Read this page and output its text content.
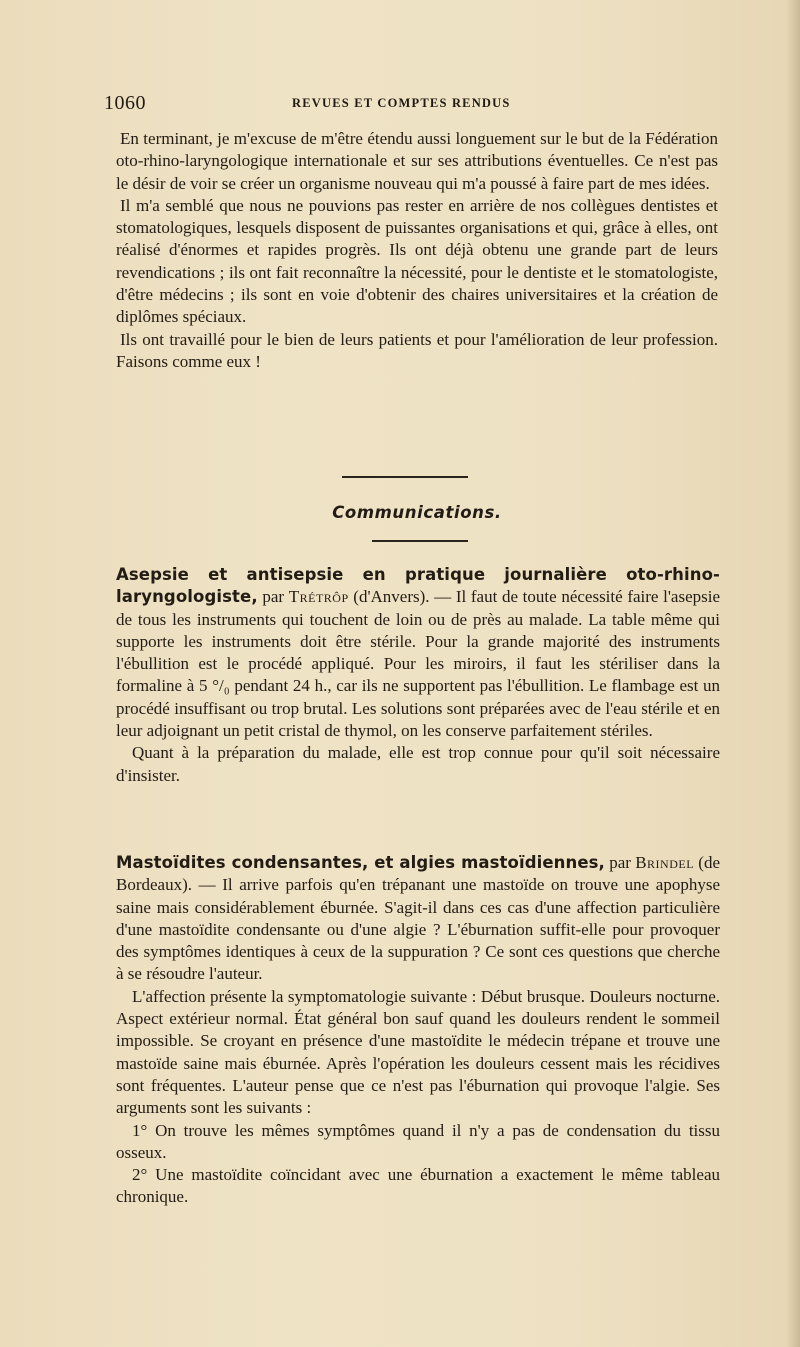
1060	REVUES ET COMPTES RENDUS

En terminant, je m'excuse de m'être étendu aussi longuement sur le but de la Fédération oto-rhino-laryngologique internationale et sur ses attributions éventuelles. Ce n'est pas le désir de voir se créer un organisme nouveau qui m'a poussé à faire part de mes idées.

Il m'a semblé que nous ne pouvions pas rester en arrière de nos collègues dentistes et stomatologiques, lesquels disposent de puissantes organisations et qui, grâce à elles, ont réalisé d'énormes et rapides progrès. Ils ont déjà obtenu une grande part de leurs revendications ; ils ont fait reconnaître la nécessité, pour le dentiste et le stomatologiste, d'être médecins ; ils sont en voie d'obtenir des chaires universitaires et la création de diplômes spéciaux.

Ils ont travaillé pour le bien de leurs patients et pour l'amélioration de leur profession. Faisons comme eux !

Communications.

Asepsie et antisepsie en pratique journalière oto-rhino-laryngologiste, par Trétrôp (d'Anvers). — Il faut de toute nécessité faire l'asepsie de tous les instruments qui touchent de loin ou de près au malade. La table même qui supporte les instruments doit être stérile. Pour la grande majorité des instruments l'ébullition est le procédé appliqué. Pour les miroirs, il faut les stériliser dans la formaline à 5 °/₀ pendant 24 h., car ils ne supportent pas l'ébullition. Le flambage est un procédé insuffisant ou trop brutal. Les solutions sont préparées avec de l'eau stérile et en leur adjoignant un petit cristal de thymol, on les conserve parfaitement stériles.

Quant à la préparation du malade, elle est trop connue pour qu'il soit nécessaire d'insister.

Mastoïdites condensantes, et algies mastoïdiennes, par Brindel (de Bordeaux). — Il arrive parfois qu'en trépanant une mastoïde on trouve une apophyse saine mais considérablement éburnée. S'agit-il dans ces cas d'une affection particulière d'une mastoïdite condensante ou d'une algie ? L'éburnation suffit-elle pour provoquer des symptômes identiques à ceux de la suppuration ? Ce sont ces questions que cherche à se résoudre l'auteur.

L'affection présente la symptomatologie suivante : Début brusque. Douleurs nocturne. Aspect extérieur normal. État général bon sauf quand les douleurs rendent le sommeil impossible. Se croyant en présence d'une mastoïdite le médecin trépane et trouve une mastoïde saine mais éburnée. Après l'opération les douleurs cessent mais les récidives sont fréquentes. L'auteur pense que ce n'est pas l'éburnation qui provoque l'algie. Ses arguments sont les suivants :

1° On trouve les mêmes symptômes quand il n'y a pas de condensation du tissu osseux.

2° Une mastoïdite coïncidant avec une éburnation a exactement le même tableau chronique.
